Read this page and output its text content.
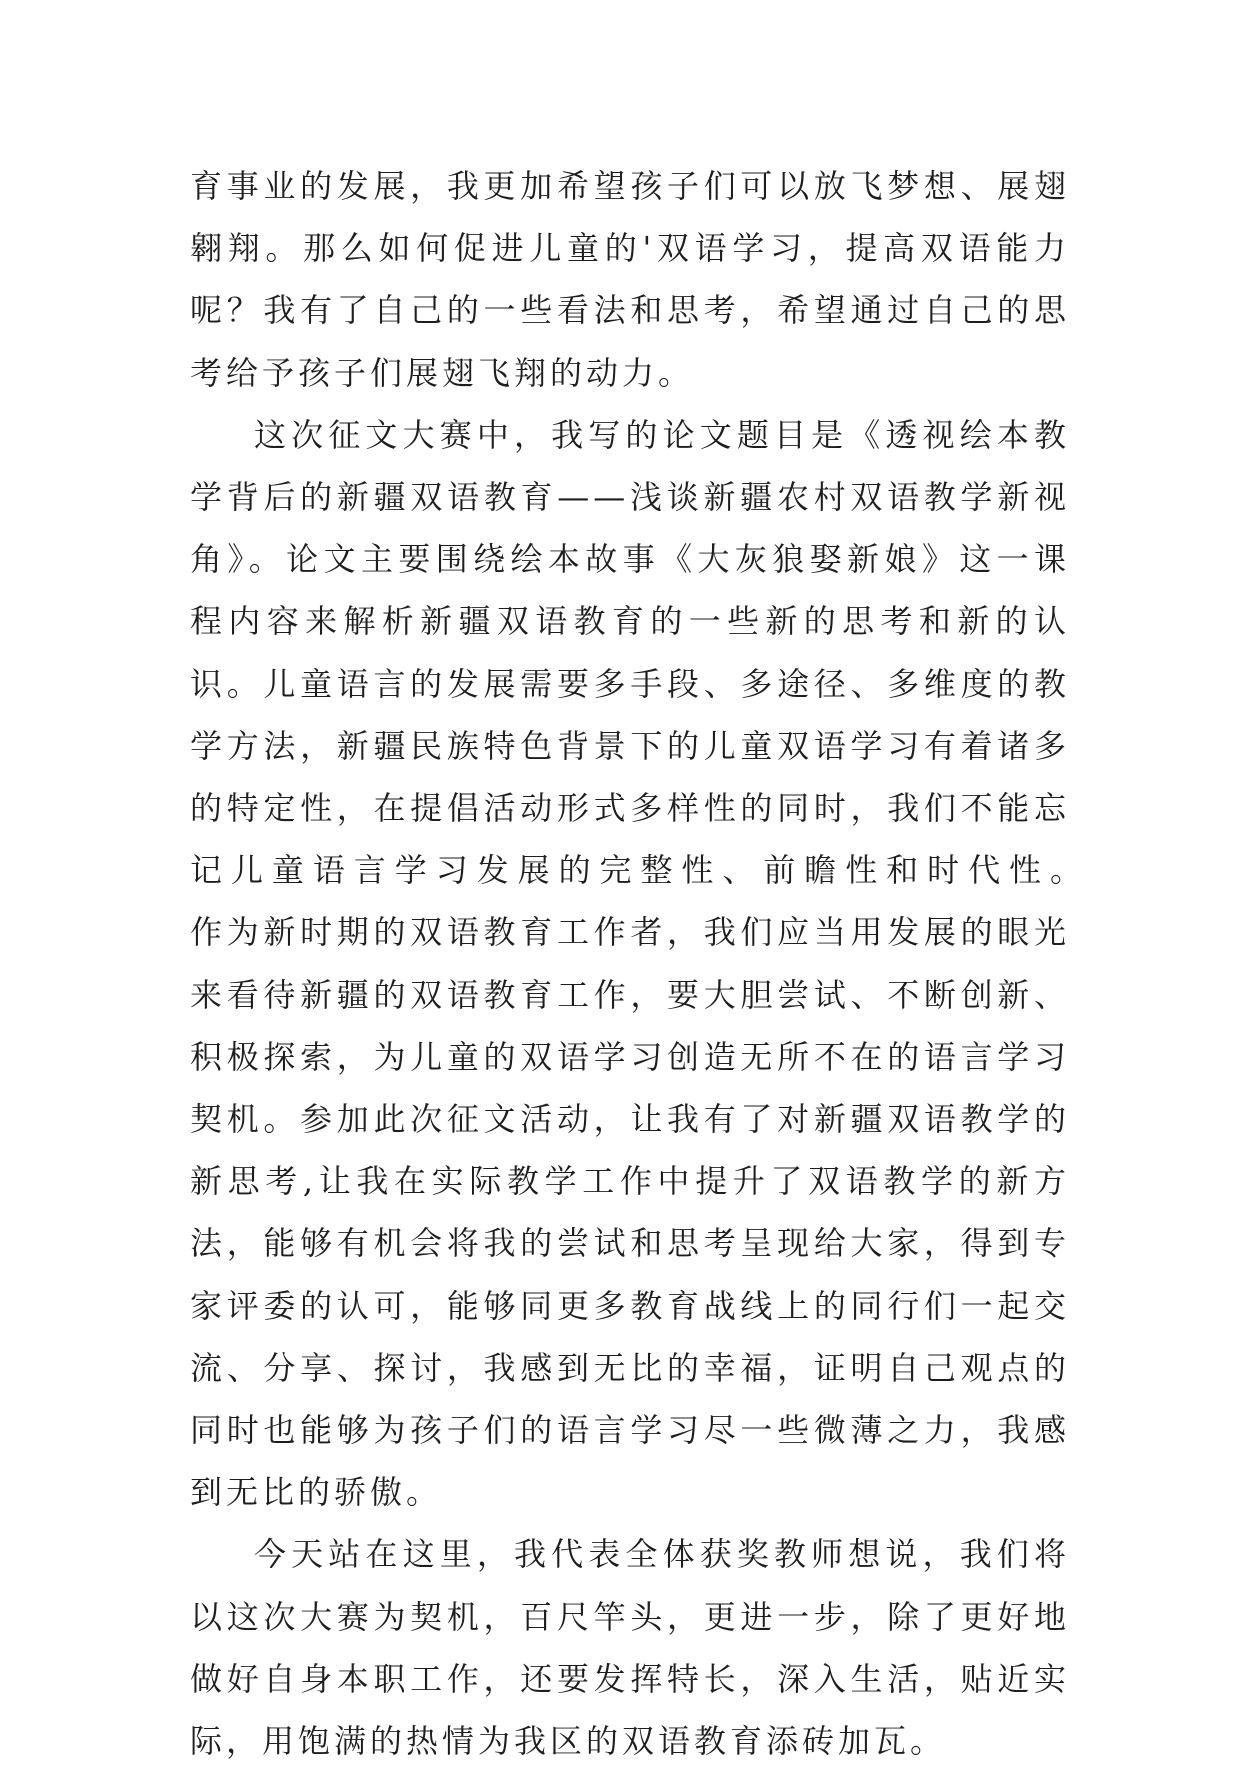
育事业的发展，我更加希望孩子们可以放飞梦想、展翅翱翔。那么如何促进儿童的'双语学习，提高双语能力呢？我有了自己的一些看法和思考，希望通过自己的思考给予孩子们展翅飞翔的动力。

这次征文大赛中，我写的论文题目是《透视绘本教学背后的新疆双语教育——浅谈新疆农村双语教学新视角》。论文主要围绕绘本故事《大灰狼娶新娘》这一课程内容来解析新疆双语教育的一些新的思考和新的认识。儿童语言的发展需要多手段、多途径、多维度的教学方法，新疆民族特色背景下的儿童双语学习有着诸多的特定性，在提倡活动形式多样性的同时，我们不能忘记儿童语言学习发展的完整性、前瞻性和时代性。　　作为新时期的双语教育工作者，我们应当用发展的眼光来看待新疆的双语教育工作，要大胆尝试、不断创新、积极探索，为儿童的双语学习创造无所不在的语言学习契机。参加此次征文活动，让我有了对新疆双语教学的新思考,让我在实际教学工作中提升了双语教学的新方法，能够有机会将我的尝试和思考呈现给大家，得到专家评委的认可，能够同更多教育战线上的同行们一起交流、分享、探讨，我感到无比的幸福，证明自己观点的同时也能够为孩子们的语言学习尽一些微薄之力，我感到无比的骄傲。

今天站在这里，我代表全体获奖教师想说，我们将以这次大赛为契机，百尺竿头，更进一步，除了更好地做好自身本职工作，还要发挥特长，深入生活，贴近实际，用饱满的热情为我区的双语教育添砖加瓦。
